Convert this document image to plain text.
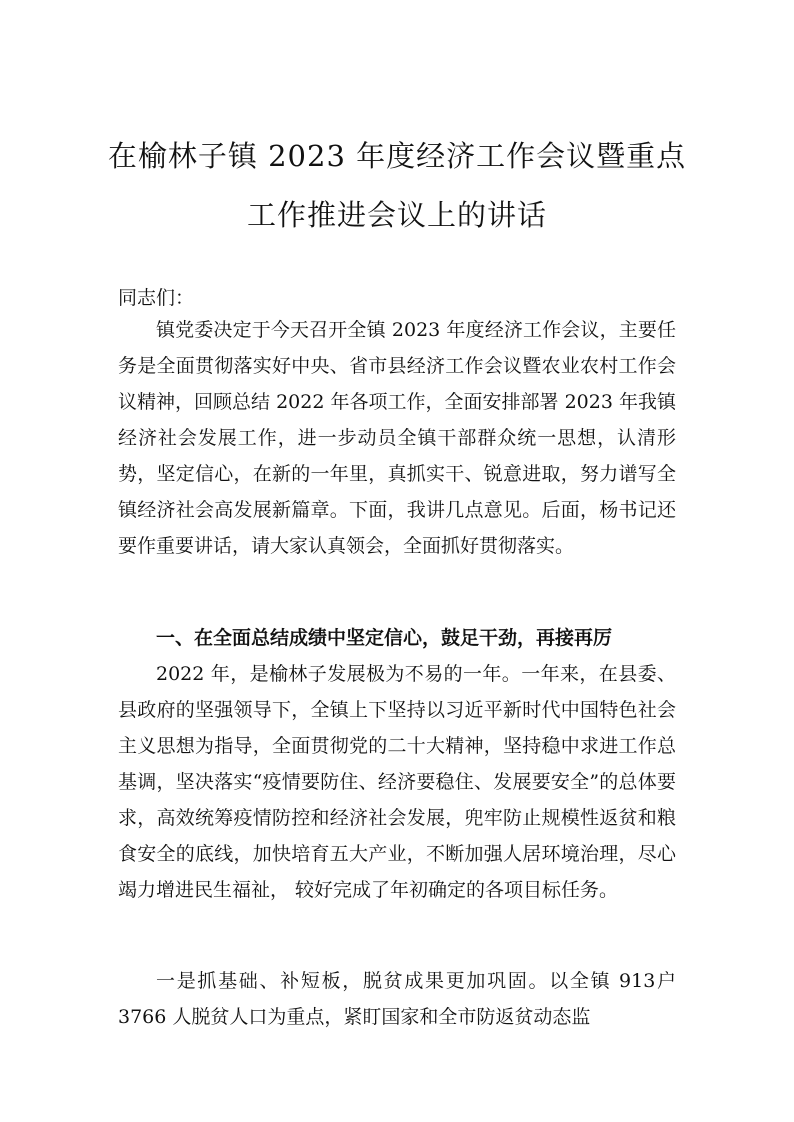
在榆林子镇 2023 年度经济工作会议暨重点
工作推进会议上的讲话

同志们：

镇党委决定于今天召开全镇 2023 年度经济工作会议，主要任务是全面贯彻落实好中央、省市县经济工作会议暨农业农村工作会议精神，回顾总结 2022 年各项工作，全面安排部署 2023 年我镇经济社会发展工作，进一步动员全镇干部群众统一思想，认清形势，坚定信心，在新的一年里，真抓实干、锐意进取，努力谱写全镇经济社会高发展新篇章。下面，我讲几点意见。后面，杨书记还要作重要讲话，请大家认真领会，全面抓好贯彻落实。

一、在全面总结成绩中坚定信心，鼓足干劲，再接再厉

2022 年，是榆林子发展极为不易的一年。一年来，在县委、县政府的坚强领导下，全镇上下坚持以习近平新时代中国特色社会主义思想为指导，全面贯彻党的二十大精神，坚持稳中求进工作总基调，坚决落实“疫情要防住、经济要稳住、发展要安全”的总体要求，高效统筹疫情防控和经济社会发展，兜牢防止规模性返贫和粮食安全的底线，加快培育五大产业，不断加强人居环境治理，尽心竭力增进民生福祉， 较好完成了年初确定的各项目标任务。

一是抓基础、补短板，脱贫成果更加巩固。以全镇 913户 3766 人脱贫人口为重点，紧盯国家和全市防返贫动态监
